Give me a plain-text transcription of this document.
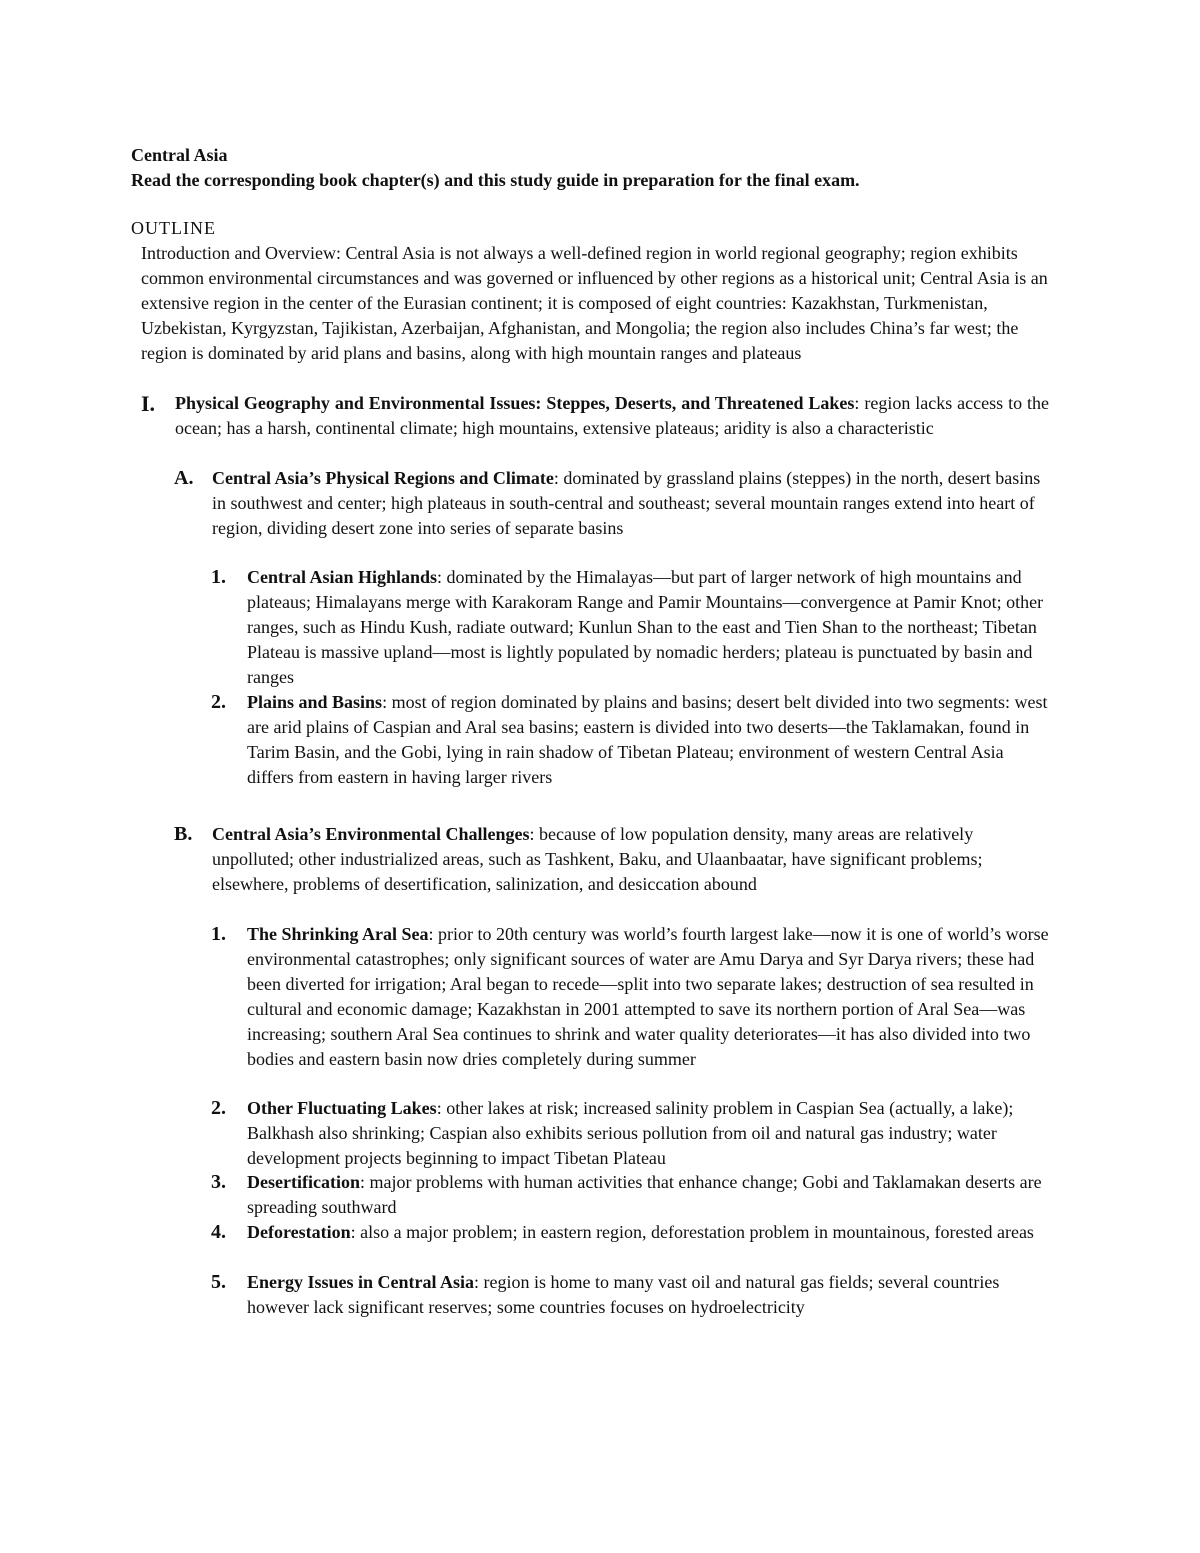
Central Asia
Read the corresponding book chapter(s) and this study guide in preparation for the final exam.
OUTLINE
Introduction and Overview: Central Asia is not always a well-defined region in world regional geography; region exhibits common environmental circumstances and was governed or influenced by other regions as a historical unit; Central Asia is an extensive region in the center of the Eurasian continent; it is composed of eight countries: Kazakhstan, Turkmenistan, Uzbekistan, Kyrgyzstan, Tajikistan, Azerbaijan, Afghanistan, and Mongolia; the region also includes China’s far west; the region is dominated by arid plans and basins, along with high mountain ranges and plateaus
I. Physical Geography and Environmental Issues: Steppes, Deserts, and Threatened Lakes: region lacks access to the ocean; has a harsh, continental climate; high mountains, extensive plateaus; aridity is also a characteristic
A. Central Asia’s Physical Regions and Climate: dominated by grassland plains (steppes) in the north, desert basins in southwest and center; high plateaus in south-central and southeast; several mountain ranges extend into heart of region, dividing desert zone into series of separate basins
1. Central Asian Highlands: dominated by the Himalayas—but part of larger network of high mountains and plateaus; Himalayans merge with Karakoram Range and Pamir Mountains—convergence at Pamir Knot; other ranges, such as Hindu Kush, radiate outward; Kunlun Shan to the east and Tien Shan to the northeast; Tibetan Plateau is massive upland—most is lightly populated by nomadic herders; plateau is punctuated by basin and ranges
2. Plains and Basins: most of region dominated by plains and basins; desert belt divided into two segments: west are arid plains of Caspian and Aral sea basins; eastern is divided into two deserts—the Taklamakan, found in Tarim Basin, and the Gobi, lying in rain shadow of Tibetan Plateau; environment of western Central Asia differs from eastern in having larger rivers
B. Central Asia’s Environmental Challenges: because of low population density, many areas are relatively unpolluted; other industrialized areas, such as Tashkent, Baku, and Ulaanbaatar, have significant problems; elsewhere, problems of desertification, salinization, and desiccation abound
1. The Shrinking Aral Sea: prior to 20th century was world’s fourth largest lake—now it is one of world’s worse environmental catastrophes; only significant sources of water are Amu Darya and Syr Darya rivers; these had been diverted for irrigation; Aral began to recede—split into two separate lakes; destruction of sea resulted in cultural and economic damage; Kazakhstan in 2001 attempted to save its northern portion of Aral Sea—was increasing; southern Aral Sea continues to shrink and water quality deteriorates—it has also divided into two bodies and eastern basin now dries completely during summer
2. Other Fluctuating Lakes: other lakes at risk; increased salinity problem in Caspian Sea (actually, a lake); Balkhash also shrinking; Caspian also exhibits serious pollution from oil and natural gas industry; water development projects beginning to impact Tibetan Plateau
3. Desertification: major problems with human activities that enhance change; Gobi and Taklamakan deserts are spreading southward
4. Deforestation: also a major problem; in eastern region, deforestation problem in mountainous, forested areas
5. Energy Issues in Central Asia: region is home to many vast oil and natural gas fields; several countries however lack significant reserves; some countries focuses on hydroelectricity
